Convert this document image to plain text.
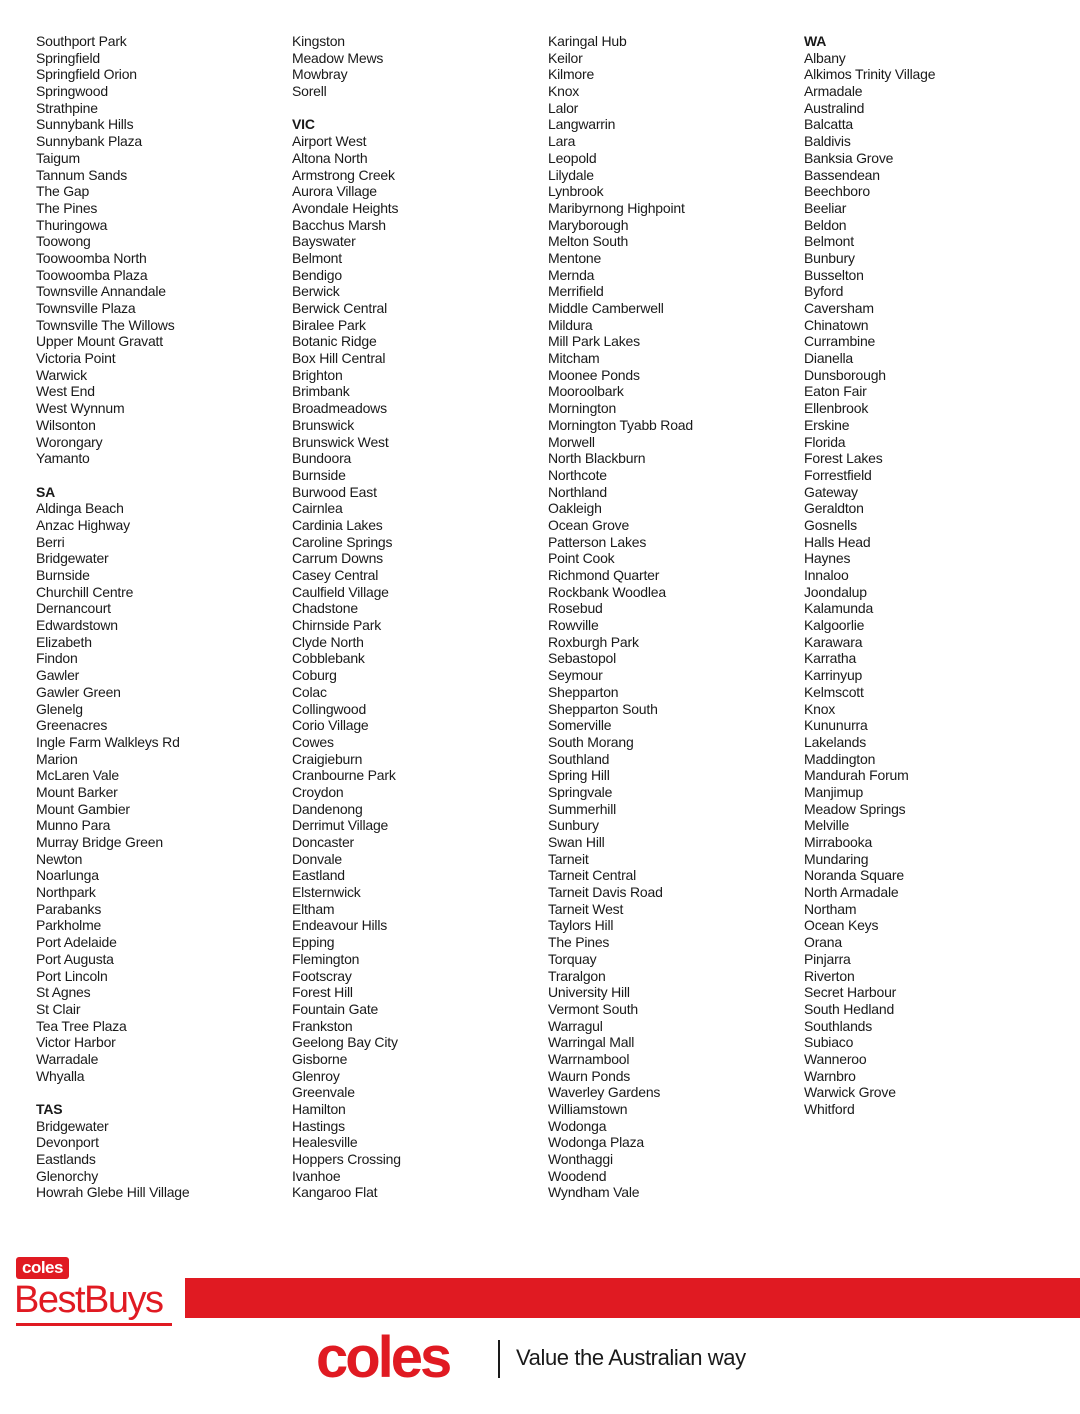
Southport Park
Springfield
Springfield Orion
Springwood
Strathpine
Sunnybank Hills
Sunnybank Plaza
Taigum
Tannum Sands
The Gap
The Pines
Thuringowa
Toowong
Toowoomba North
Toowoomba Plaza
Townsville Annandale
Townsville Plaza
Townsville The Willows
Upper Mount Gravatt
Victoria Point
Warwick
West End
West Wynnum
Wilsonton
Worongary
Yamanto
SA
Aldinga Beach
Anzac Highway
Berri
Bridgewater
Burnside
Churchill Centre
Dernancourt
Edwardstown
Elizabeth
Findon
Gawler
Gawler Green
Glenelg
Greenacres
Ingle Farm Walkleys Rd
Marion
McLaren Vale
Mount Barker
Mount Gambier
Munno Para
Murray Bridge Green
Newton
Noarlunga
Northpark
Parabanks
Parkholme
Port Adelaide
Port Augusta
Port Lincoln
St Agnes
St Clair
Tea Tree Plaza
Victor Harbor
Warradale
Whyalla
TAS
Bridgewater
Devonport
Eastlands
Glenorchy
Howrah Glebe Hill Village
Kingston
Meadow Mews
Mowbray
Sorell
VIC
Airport West
Altona North
Armstrong Creek
Aurora Village
Avondale Heights
Bacchus Marsh
Bayswater
Belmont
Bendigo
Berwick
Berwick Central
Biralee Park
Botanic Ridge
Box Hill Central
Brighton
Brimbank
Broadmeadows
Brunswick
Brunswick West
Bundoora
Burnside
Burwood East
Cairnlea
Cardinia Lakes
Caroline Springs
Carrum Downs
Casey Central
Caulfield Village
Chadstone
Chirnside Park
Clyde North
Cobblebank
Coburg
Colac
Collingwood
Corio Village
Cowes
Craigieburn
Cranbourne Park
Croydon
Dandenong
Derrimut Village
Doncaster
Donvale
Eastland
Elsternwick
Eltham
Endeavour Hills
Epping
Flemington
Footscray
Forest Hill
Fountain Gate
Frankston
Geelong Bay City
Gisborne
Glenroy
Greenvale
Hamilton
Hastings
Healesville
Hoppers Crossing
Ivanhoe
Kangaroo Flat
Karingal Hub
Keilor
Kilmore
Knox
Lalor
Langwarrin
Lara
Leopold
Lilydale
Lynbrook
Maribyrnong Highpoint
Maryborough
Melton South
Mentone
Mernda
Merrifield
Middle Camberwell
Mildura
Mill Park Lakes
Mitcham
Moonee Ponds
Mooroolbark
Mornington
Mornington Tyabb Road
Morwell
North Blackburn
Northcote
Northland
Oakleigh
Ocean Grove
Patterson Lakes
Point Cook
Richmond Quarter
Rockbank Woodlea
Rosebud
Rowville
Roxburgh Park
Sebastopol
Seymour
Shepparton
Shepparton South
Somerville
South Morang
Southland
Spring Hill
Springvale
Summerhill
Sunbury
Swan Hill
Tarneit
Tarneit Central
Tarneit Davis Road
Tarneit West
Taylors Hill
The Pines
Torquay
Traralgon
University Hill
Vermont South
Warragul
Warringal Mall
Warrnambool
Waurn Ponds
Waverley Gardens
Williamstown
Wodonga
Wodonga Plaza
Wonthaggi
Woodend
Wyndham Vale
WA
Albany
Alkimos Trinity Village
Armadale
Australind
Balcatta
Baldivis
Banksia Grove
Bassendean
Beechboro
Beeliar
Beldon
Belmont
Bunbury
Busselton
Byford
Caversham
Chinatown
Currambine
Dianella
Dunsborough
Eaton Fair
Ellenbrook
Erskine
Florida
Forest Lakes
Forrestfield
Gateway
Geraldton
Gosnells
Halls Head
Haynes
Innaloo
Joondalup
Kalamunda
Kalgoorlie
Karawara
Karratha
Karrinyup
Kelmscott
Knox
Kununurra
Lakelands
Maddington
Mandurah Forum
Manjimup
Meadow Springs
Melville
Mirrabooka
Mundaring
Noranda Square
North Armadale
Northam
Ocean Keys
Orana
Pinjarra
Riverton
Secret Harbour
South Hedland
Southlands
Subiaco
Wanneroo
Warnbro
Warwick Grove
Whitford
coles
BestBuys
coles	Value the Australian way
